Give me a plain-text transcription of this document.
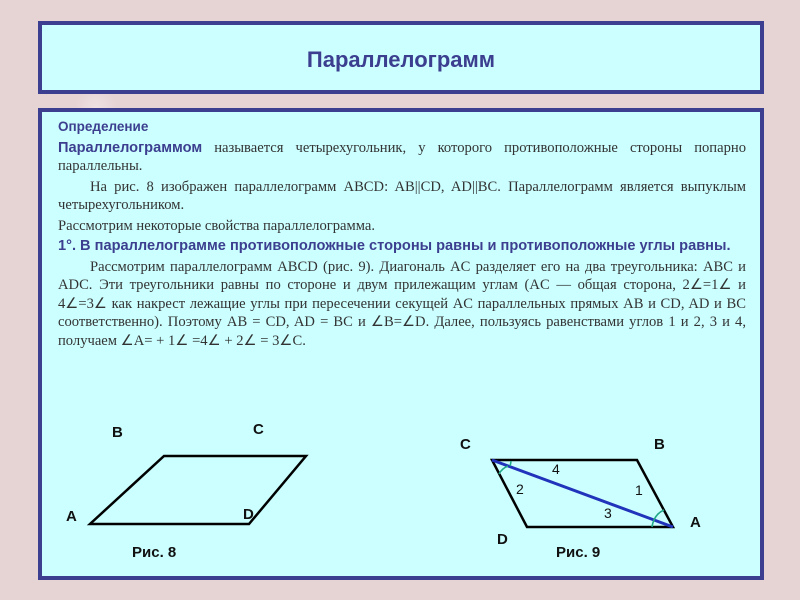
Параллелограмм

Определение

Параллелограммом называется четырехугольник, у которого противоположные стороны попарно параллельны.

На рис. 8 изображен параллелограмм ABCD: AB||CD, AD||BC. Параллелограмм является выпуклым четырехугольником.

Рассмотрим некоторые свойства параллелограмма.

1°. В параллелограмме противоположные стороны равны и противоположные углы равны.

Рассмотрим параллелограмм ABCD (рис. 9). Диагональ AC разделяет его на два треугольника: ABC и ADC. Эти треугольники равны по стороне и двум прилежащим углам (AC — общая сторона, 2∠=1∠ и 4∠=3∠ как накрест лежащие углы при пересечении секущей AC параллельных прямых AB и CD, AD и BC соответственно). Поэтому AB = CD, AD = BC и ∠B=∠D. Далее, пользуясь равенствами углов 1 и 2, 3 и 4, получаем ∠A= + 1∠ =4∠ + 2∠ = 3∠C.

B	C
A	D
Рис. 8
C	B
A
D
4
2	1
3
Рис. 9
